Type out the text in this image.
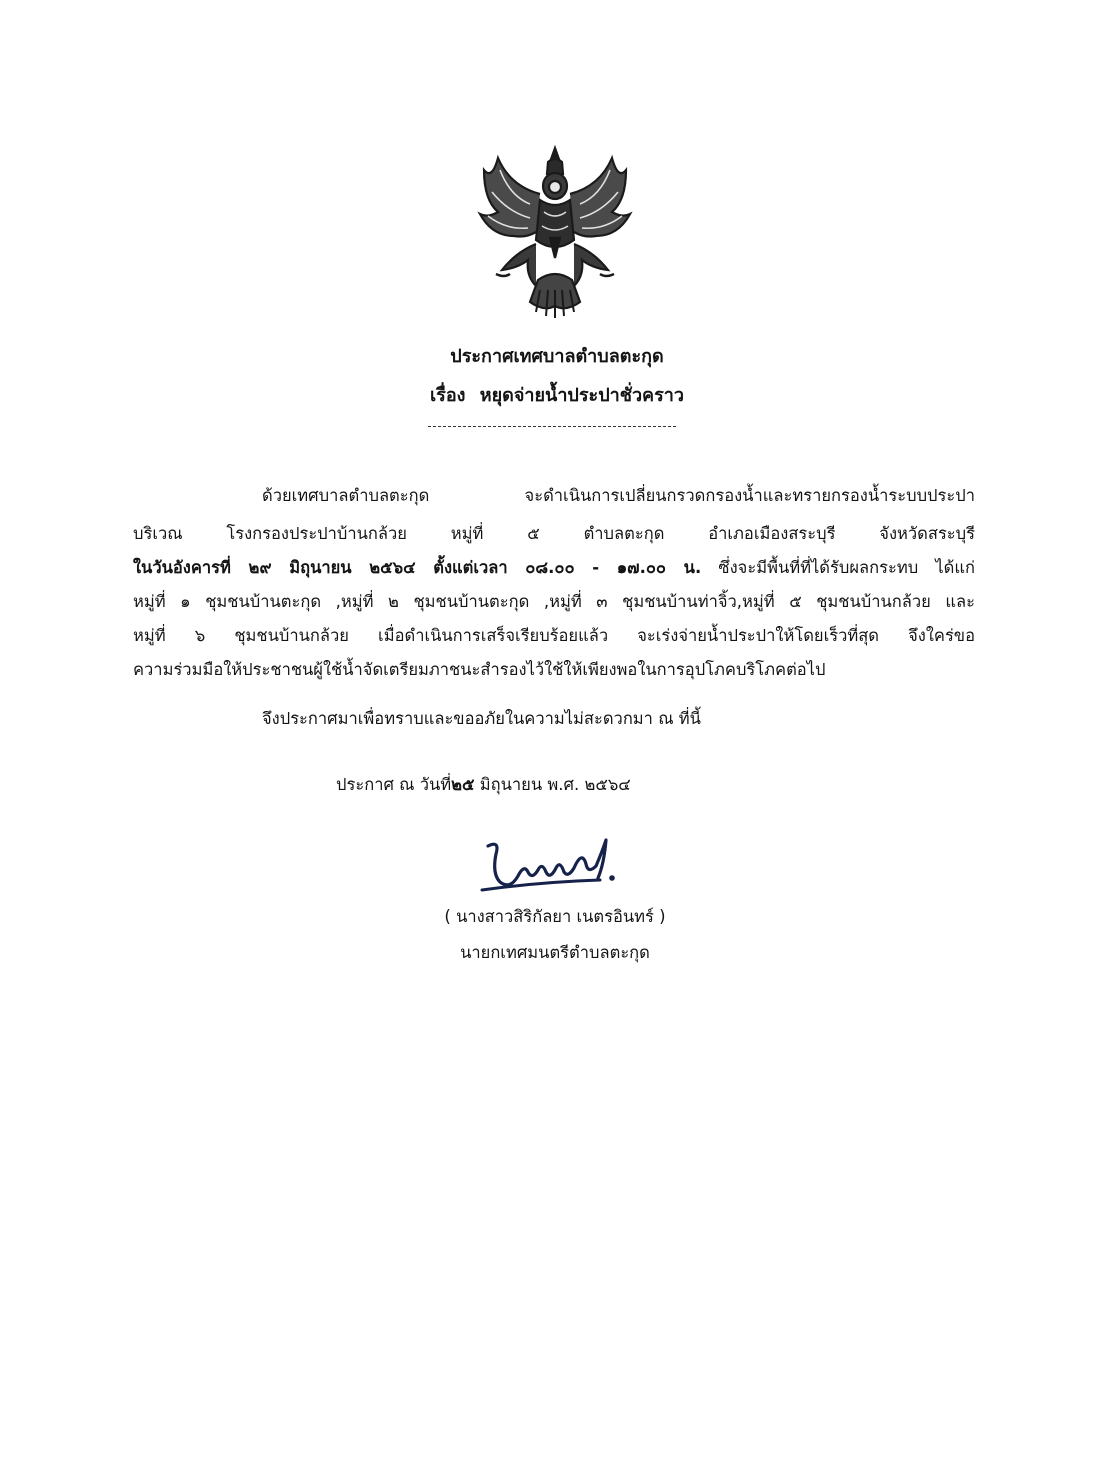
ประกาศเทศบาลตำบลตะกุด
เรื่อง หยุดจ่ายน้ำประปาชั่วคราว
ด้วยเทศบาลตำบลตะกุด จะดำเนินการเปลี่ยนกรวดกรองน้ำและทรายกรองน้ำระบบประปา
บริเวณ โรงกรองประปาบ้านกล้วย หมู่ที่ ๕ ตำบลตะกุด อำเภอเมืองสระบุรี จังหวัดสระบุรี
ในวันอังคารที่ ๒๙ มิถุนายน ๒๕๖๔ ตั้งแต่เวลา ๐๘.๐๐ - ๑๗.๐๐ น. ซึ่งจะมีพื้นที่ที่ได้รับผลกระทบ ได้แก่
หมู่ที่ ๑ ชุมชนบ้านตะกุด ,หมู่ที่ ๒ ชุมชนบ้านตะกุด ,หมู่ที่ ๓ ชุมชนบ้านท่าจิ้ว,หมู่ที่ ๕ ชุมชนบ้านกล้วย และ
หมู่ที่ ๖ ชุมชนบ้านกล้วย เมื่อดำเนินการเสร็จเรียบร้อยแล้ว จะเร่งจ่ายน้ำประปาให้โดยเร็วที่สุด จึงใคร่ขอ
ความร่วมมือให้ประชาชนผู้ใช้น้ำจัดเตรียมภาชนะสำรองไว้ใช้ให้เพียงพอในการอุปโภคบริโภคต่อไป
จึงประกาศมาเพื่อทราบและขออภัยในความไม่สะดวกมา ณ ที่นี้
ประกาศ ณ วันที่๒๕ มิถุนายน พ.ศ. ๒๕๖๔
( นางสาวสิริกัลยา เนตรอินทร์ )
นายกเทศมนตรีตำบลตะกุด
